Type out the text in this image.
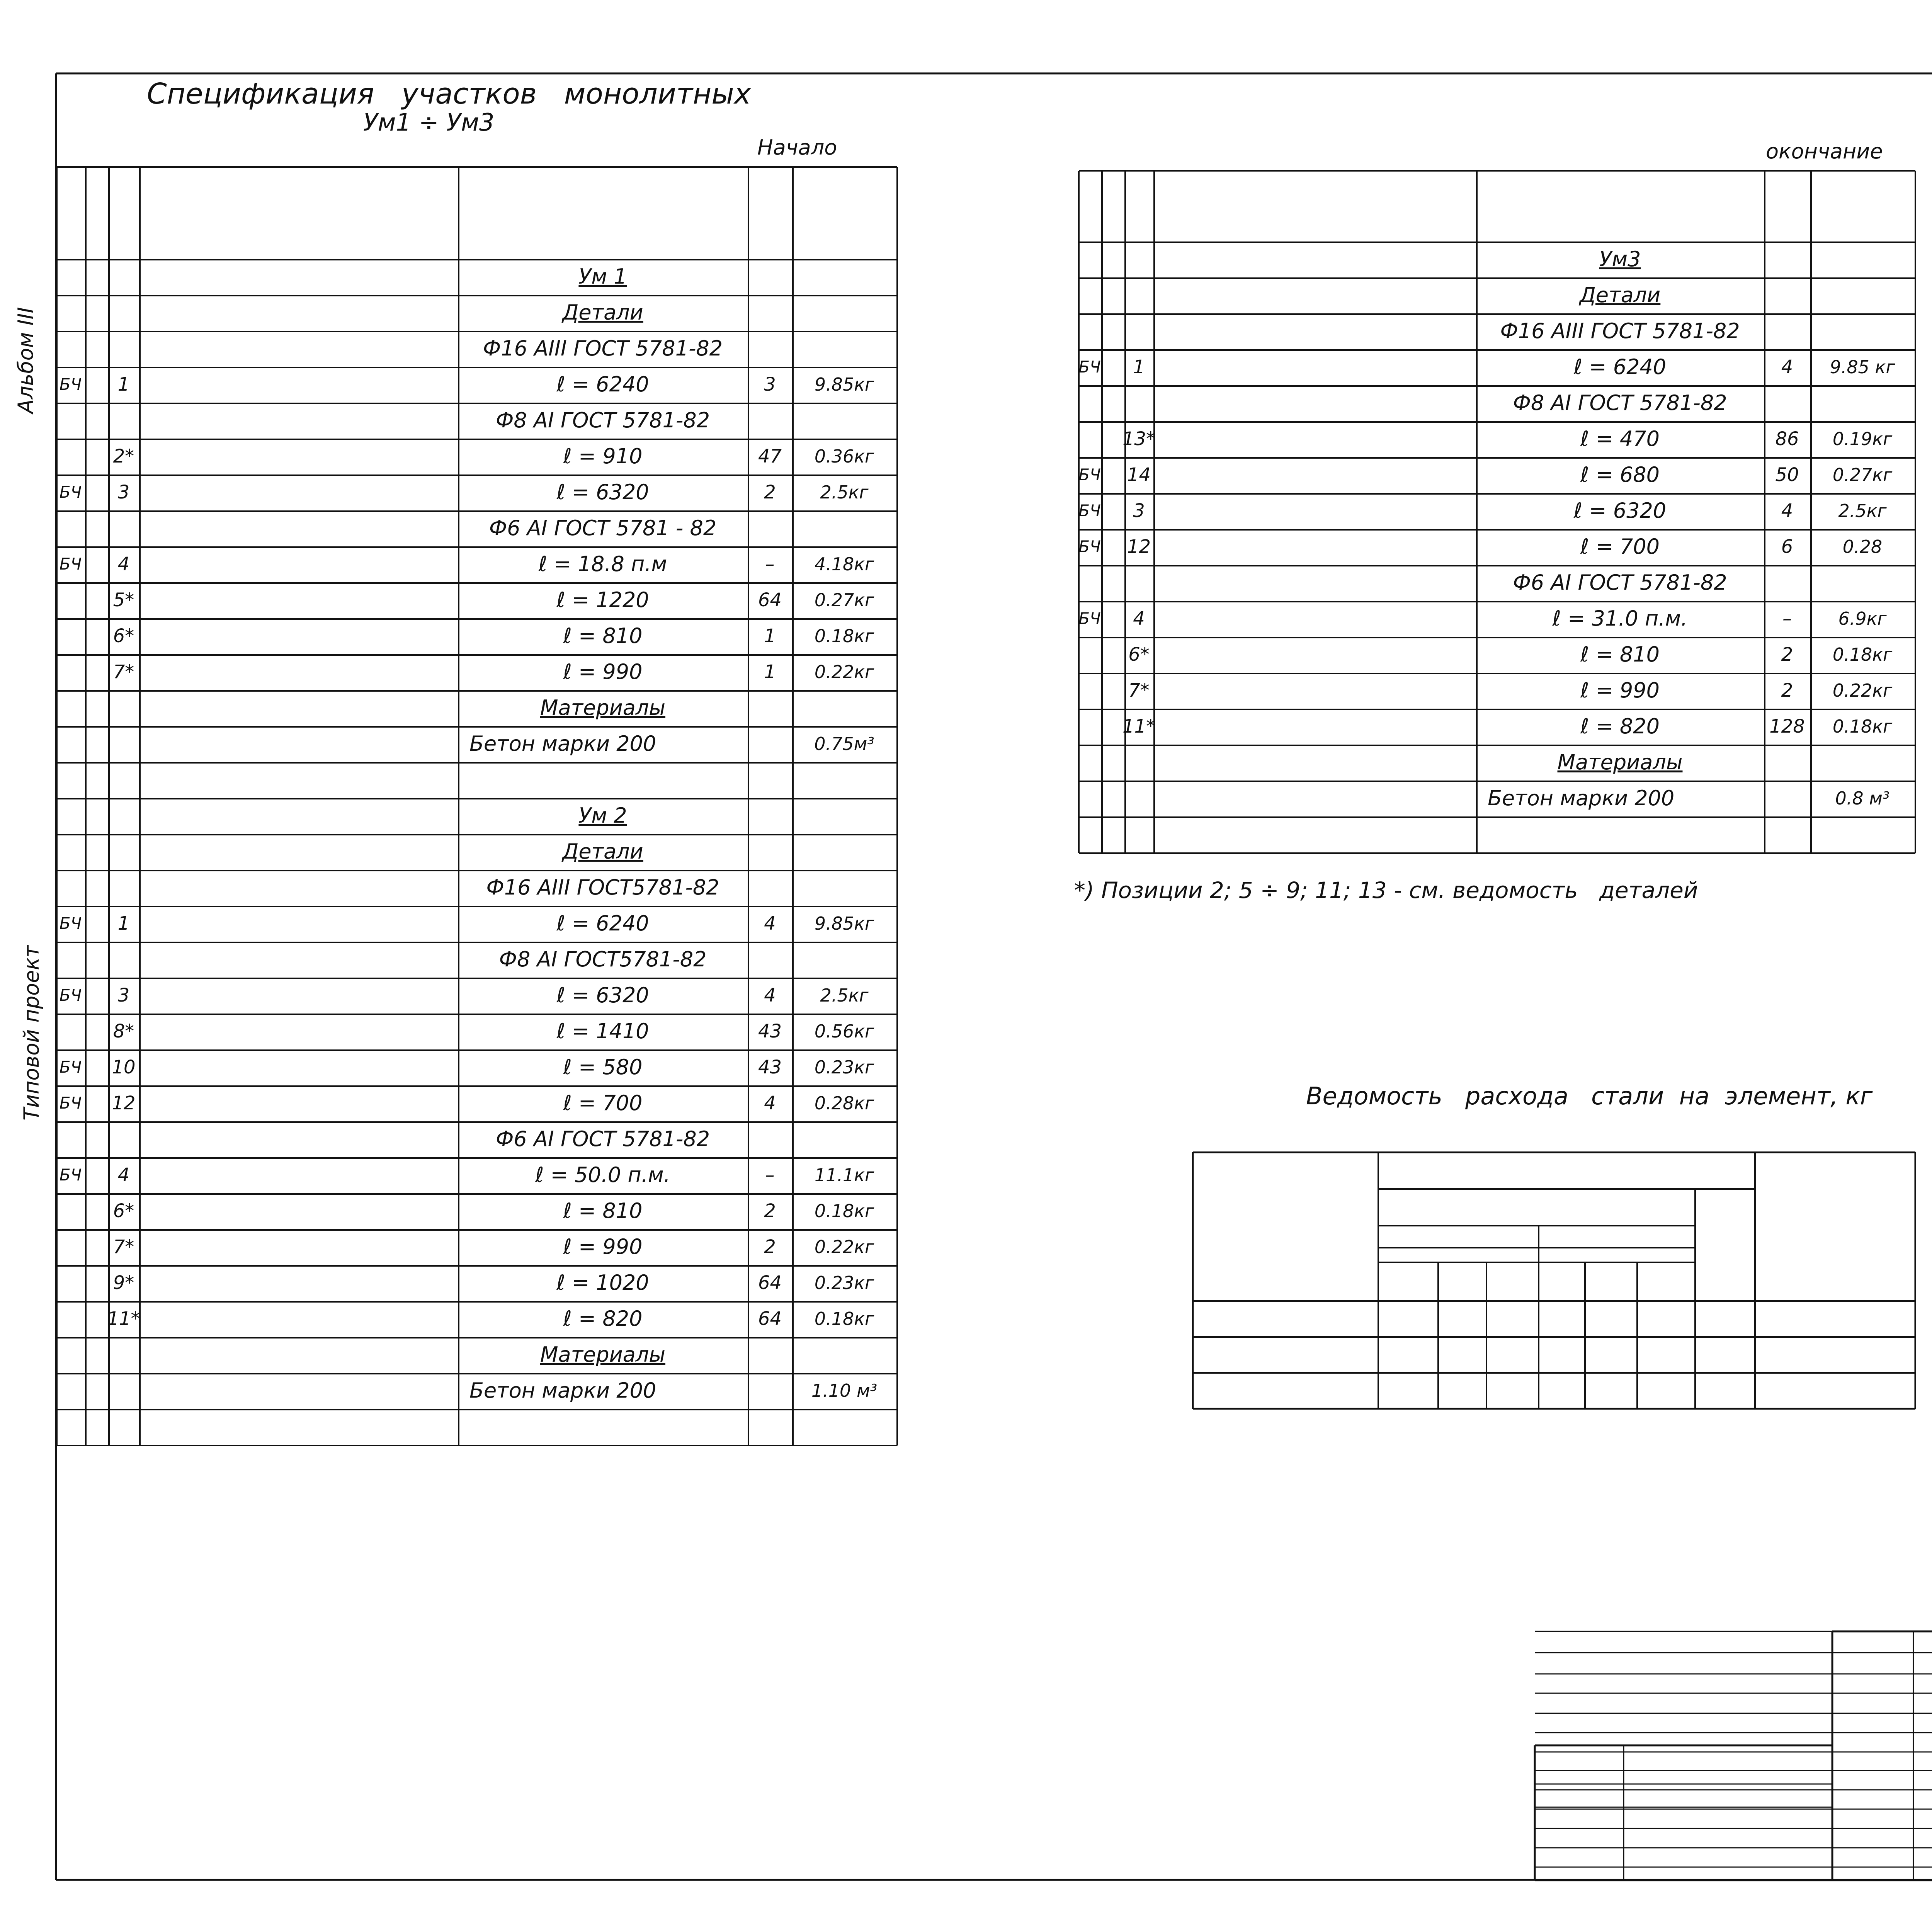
Альбом III
Типовой проект
Спецификация   участков   монолитных
Ум1 ÷ Ум3
Начало
Ум 1
Детали
Ф16 АIII ГОСТ 5781-82
БЧ	1	ℓ = 6240	3	9.85кг
Ф8 АI ГОСТ 5781-82
2*	ℓ = 910	47	0.36кг
БЧ	3	ℓ = 6320	2	2.5кг
Ф6 АI ГОСТ 5781 - 82
БЧ	4	ℓ = 18.8 п.м	–	4.18кг
5*	ℓ = 1220	64	0.27кг
6*	ℓ = 810	1	0.18кг
7*	ℓ = 990	1	0.22кг
Материалы
Бетон марки 200	0.75м³
Ум 2
Детали
Ф16 АIII ГОСТ5781-82
БЧ	1	ℓ = 6240	4	9.85кг
Ф8 АI ГОСТ5781-82
БЧ	3	ℓ = 6320	4	2.5кг
8*	ℓ = 1410	43	0.56кг
БЧ 10	ℓ = 580	43	0.23кг
БЧ 12	ℓ = 700	4	0.28кг
Ф6 АI ГОСТ 5781-82
БЧ	4	ℓ = 50.0 п.м.	–	11.1кг
6*	ℓ = 810	2	0.18кг
7*	ℓ = 990	2	0.22кг
9*	ℓ = 1020	64	0.23кг
11*	ℓ = 820	64	0.18кг
Материалы
Бетон марки 200	1.10 м³
окончание
Ум3
Детали
Ф16 АIII ГОСТ 5781-82
БЧ	1	ℓ = 6240	4	9.85 кг
Ф8 АI ГОСТ 5781-82
13*	ℓ = 470	86	0.19кг
БЧ 14	ℓ = 680	50	0.27кг
БЧ	3	ℓ = 6320	4	2.5кг
БЧ 12	ℓ = 700	6	0.28
Ф6 АI ГОСТ 5781-82
БЧ	4	ℓ = 31.0 п.м.	–	6.9кг
6*	ℓ = 810	2	0.18кг
7*	ℓ = 990	2	0.22кг
11*	ℓ = 820	128	0.18кг
Материалы
Бетон марки 200	0.8 м³
*) Позиции 2; 5 ÷ 9; 11; 13 - см. ведомость   деталей
Ведомость   расхода   стали  на  элемент, кг
